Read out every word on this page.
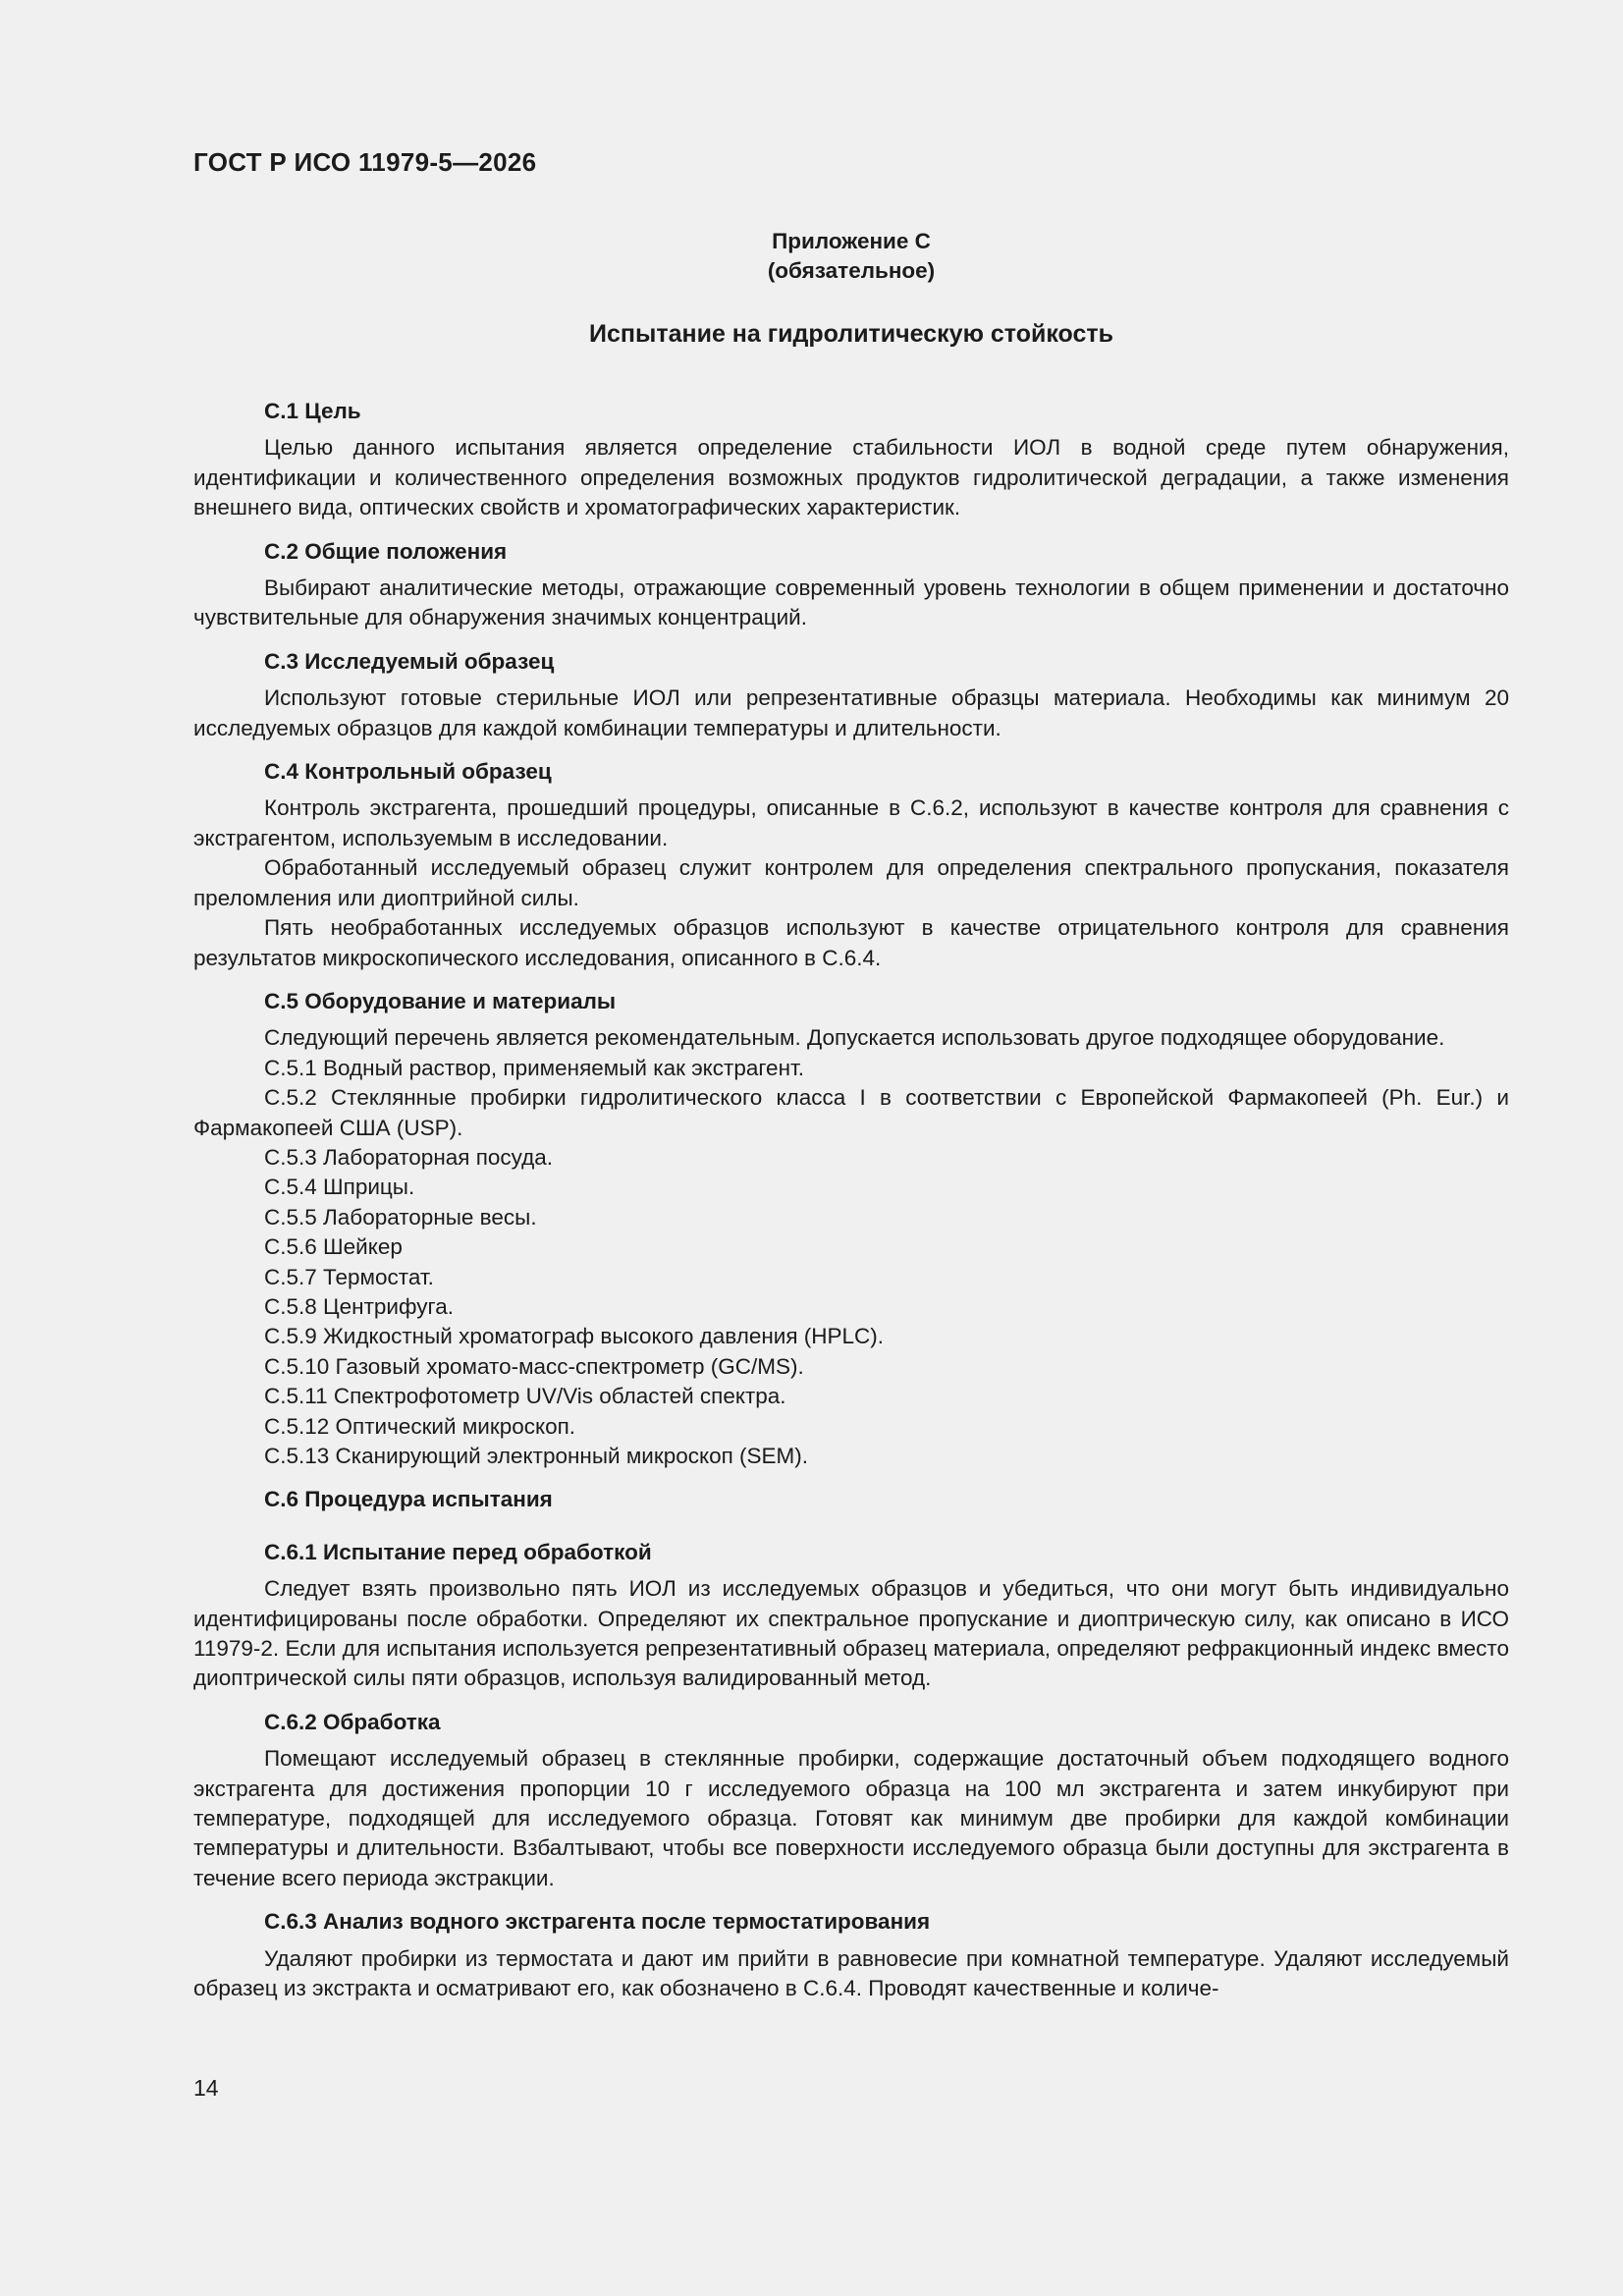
ГОСТ Р ИСО 11979-5—2026
Приложение С
(обязательное)
Испытание на гидролитическую стойкость
С.1 Цель

Целью данного испытания является определение стабильности ИОЛ в водной среде путем обнаружения, идентификации и количественного определения возможных продуктов гидролитической деградации, а также изменения внешнего вида, оптических свойств и хроматографических характеристик.

С.2 Общие положения

Выбирают аналитические методы, отражающие современный уровень технологии в общем применении и достаточно чувствительные для обнаружения значимых концентраций.

С.3 Исследуемый образец

Используют готовые стерильные ИОЛ или репрезентативные образцы материала. Необходимы как минимум 20 исследуемых образцов для каждой комбинации температуры и длительности.

С.4 Контрольный образец

Контроль экстрагента, прошедший процедуры, описанные в С.6.2, используют в качестве контроля для сравнения с экстрагентом, используемым в исследовании.

Обработанный исследуемый образец служит контролем для определения спектрального пропускания, показателя преломления или диоптрийной силы.

Пять необработанных исследуемых образцов используют в качестве отрицательного контроля для сравнения результатов микроскопического исследования, описанного в С.6.4.

С.5 Оборудование и материалы

Следующий перечень является рекомендательным. Допускается использовать другое подходящее оборудование.

С.5.1 Водный раствор, применяемый как экстрагент.

С.5.2 Стеклянные пробирки гидролитического класса I в соответствии с Европейской Фармакопеей (Ph. Eur.) и Фармакопеей США (USP).

С.5.3 Лабораторная посуда.

С.5.4 Шприцы.

С.5.5 Лабораторные весы.

С.5.6 Шейкер

С.5.7 Термостат.

С.5.8 Центрифуга.

С.5.9 Жидкостный хроматограф высокого давления (HPLC).

С.5.10 Газовый хромато-масс-спектрометр (GC/MS).

С.5.11 Спектрофотометр UV/Vis областей спектра.

С.5.12 Оптический микроскоп.

С.5.13 Сканирующий электронный микроскоп (SEM).

С.6 Процедура испытания
С.6.1 Испытание перед обработкой

Следует взять произвольно пять ИОЛ из исследуемых образцов и убедиться, что они могут быть индивидуально идентифицированы после обработки. Определяют их спектральное пропускание и диоптрическую силу, как описано в ИСО 11979-2. Если для испытания используется репрезентативный образец материала, определяют рефракционный индекс вместо диоптрической силы пяти образцов, используя валидированный метод.

С.6.2 Обработка

Помещают исследуемый образец в стеклянные пробирки, содержащие достаточный объем подходящего водного экстрагента для достижения пропорции 10 г исследуемого образца на 100 мл экстрагента и затем инкубируют при температуре, подходящей для исследуемого образца. Готовят как минимум две пробирки для каждой комбинации температуры и длительности. Взбалтывают, чтобы все поверхности исследуемого образца были доступны для экстрагента в течение всего периода экстракции.

С.6.3 Анализ водного экстрагента после термостатирования

Удаляют пробирки из термостата и дают им прийти в равновесие при комнатной температуре. Удаляют исследуемый образец из экстракта и осматривают его, как обозначено в С.6.4. Проводят качественные и количе-

14
